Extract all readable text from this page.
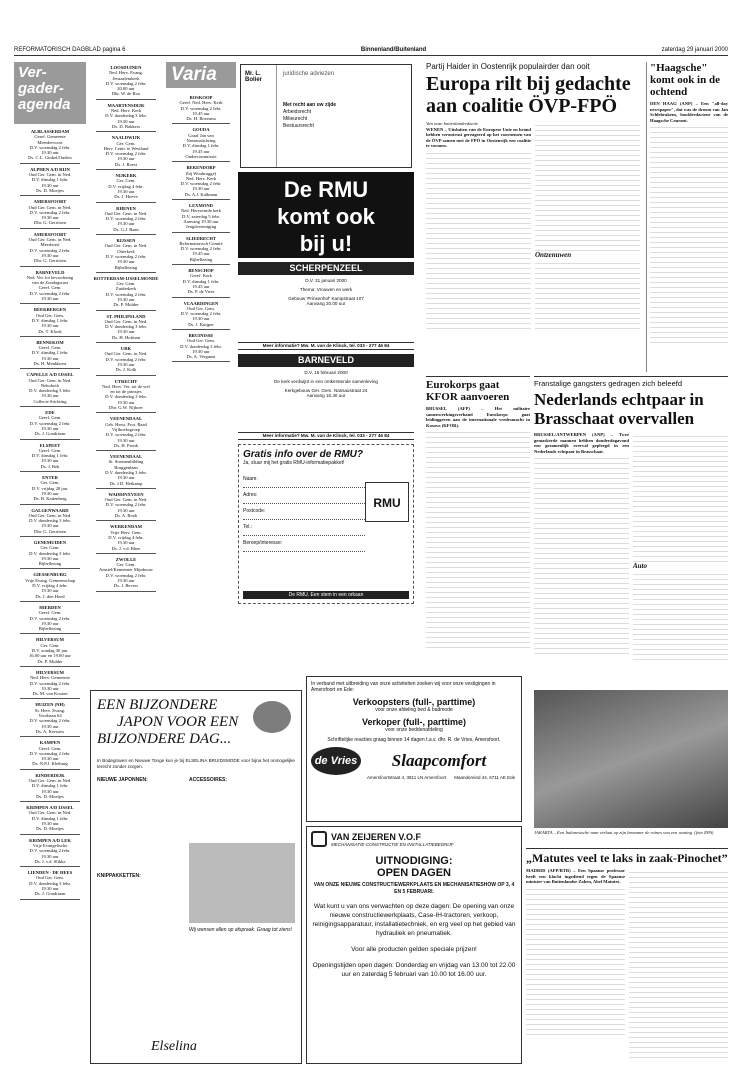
REFORMATORISCH DAGBLAD pagina 6	Binnenland/Buitenland	zaterdag 29 januari 2000
Ver-gader-agenda
ALBLASSERDAM
Geref. Gemeente
Meerdervoort
D.V. woensdag 2 febr.
19.30 uur
Ds. C.L. Ginkel/Ouders
ALPHEN A/D RIJN
Oud Ger. Gem. in Ned.
D.V. dinsdag 1 febr.
19.30 uur
Ds. D. Moeijes
AMERSFOORT
Oud Ger. Gem. in Ned.
D.V. woensdag 2 febr.
19.30 uur
Dhr. G. Gerritsen
AMERSFOORT
Oud Ger. Gem. in Ned.
Meerhorst
D.V. woensdag 2 febr.
19.30 uur
Dhr. G. Gerritsen
BARNEVELD
Ned. Ver. tot bevordering
van de Zondagsrust
Geref. Gem.
D.V. woensdag 2 febr.
19.30 uur
BEEKBERGEN
Oud Ger. Gem.
D.V. dinsdag 1 febr.
19.30 uur
Ds. T. Kloek
BENNEKOM
Geref. Gem.
D.V. dinsdag 1 febr.
19.30 uur
Ds. H. Menkhorst
CAPELLE A/D IJSSEL
Oud Ger. Gem. in Ned.
Rehoboth
D.V. donderdag 3 febr.
19.30 uur
Collecte Stichting
EDE
Geref. Gem.
D.V. woensdag 2 febr.
19.30 uur
Ds. J. Goudriaan
ELSPEET
Geref. Gem.
D.V. dinsdag 1 febr.
19.30 uur
Ds. J. Bek
ENTER
Ger. Gem.
D.V. vrijdag 28 jan.
19.30 uur
Ds. B. Kattenberg
GALGENWAARD
Oud Ger. Gem. in Ned.
D.V. donderdag 3 febr.
19.30 uur
Dhr. G. Gerritsen
GENEMUIDEN
Ger. Gem.
D.V. donderdag 3 febr.
19.30 uur
Bijbellezing
GIESSENBURG
Vrije Evang. Gemeenschap
D.V. vrijdag 4 febr.
19.30 uur
Ds. J. den Hoed
HIERDEN
Geref. Gem.
D.V. woensdag 2 febr.
19.30 uur
Bijbellezing
HILVERSUM
Ger. Gem.
D.V. zondag 30 jan.
16.00 uur en 19.00 uur
Ds. P. Mulder
HILVERSUM
Ned. Herv. Gemeente
D.V. woensdag 2 febr.
19.30 uur
Ds. M. van Kooten
HUIZEN (NH)
St. Herv. Evang.
Voorbaan 64
D.V. woensdag 2 febr.
19.30 uur
Ds. A. Kerssies
KAMPEN
Geref. Gem.
D.V. woensdag 2 febr.
19.30 uur
Ds. N.P.J. Kleiburg
KINDERDIJK
Oud Ger. Gem. in Ned.
D.V. dinsdag 1 febr.
19.30 uur
Ds. D. Moeijes
KRIMPEN A/D IJSSEL
Oud Ger. Gem. in Ned.
D.V. dinsdag 1 febr.
19.30 uur
Ds. D. Moeijes
KRIMPEN A/D LEK
Vrije Evangelische
D.V. woensdag 2 febr.
19.30 uur
Ds. J. v.d. Slikke
LIENDEN - DE HEES
Oud Ger. Gem.
D.V. donderdag 3 febr.
19.30 uur
Ds. J. Goudriaan
LOOSDUINEN
Ned. Herv. Evang.
Jeruzalemkerk
D.V. woensdag 2 febr.
20.00 uur
Dhr. W. de Roo
MAARTENSDIJK
Ned. Herv. Kerk
D.V. donderdag 3 febr.
19.30 uur
Ds. D. Bakkers
NAALDWIJK
Ger. Gem.
Herv. Centr. te Westland
D.V. woensdag 2 febr.
19.30 uur
Ds. J. Roest
NIJKERK
Ger. Gem.
D.V. vrijdag 4 febr.
19.30 uur
Ds. J. Hoeve
RHENEN
Oud Ger. Gem. in Ned.
D.V. woensdag 2 febr.
19.30 uur
Ds. G.J. Baan
RIJSSEN
Oud Ger. Gem. in Ned.
Otterkerk
D.V. woensdag 2 febr.
19.30 uur
Bijbellezing
ROTTERDAM-IJSSELMONDE
Ger. Gem.
Zuiderkerk
D.V. woensdag 2 febr.
19.30 uur
Ds. P. Mulder
ST. PHILIPSLAND
Oud Ger. Gem. in Ned.
D.V. donderdag 3 febr.
19.30 uur
Ds. H. Hofman
URK
Oud Ger. Gem. in Ned.
D.V. woensdag 2 febr.
19.30 uur
Ds. J. Kolk
UTRECHT
Ned. Herv. Ver. tot de wel
en tot de prinsjes
D.V. donderdag 3 febr.
19.30 uur
Dhr. G.W. Nijboer
VEENENDAAL
Geb. Herst. Prot. Raad
Vijfhoeksgroep
D.V. woensdag 2 febr.
19.30 uur
Ds. H. Pronk
VEENENDAAL
St. Stromenbilding
Bruggenlaan
D.V. donderdag 3 febr.
19.30 uur
Ds. J.D. Heikamp
WADDINXVEEN
Oud Ger. Gem. in Ned.
D.V. woensdag 2 febr.
19.30 uur
Ds. A. Rook
WERKENDAM
Vrije Herv. Gem.
D.V. vrijdag 4 febr.
19.30 uur
Ds. J. v.d. Rhee
ZWOLLE
Ger. Gem.
Amstel/Kennemer Mijnbouw
D.V. woensdag 2 febr.
19.30 uur
Ds. J. Bevers
Varia
BOSKOOP
Geref. Ned. Herv. Kerk
D.V. woensdag 2 febr.
19.45 uur
Ds. H. Boersma
GOUDA
Graaf Jan van
Nassaustichting
D.V. dinsdag 1 febr.
19.45 uur
Oudercommissie
BEKENDORP
(bij Woubrugge)
Ned. Herv. Kerk
D.V. woensdag 2 febr.
19.30 uur
Ds. A.J. Kalkman
LEXMOND
Ned. Hervormde kerk
D.V. zaterdag 5 febr.
Aanvang 19.30 uur
Jeugdvereniging
SLIEDRECHT
Reformatorisch Comité
D.V. woensdag 2 febr.
19.45 uur
Bijbellezing
BENSCHOP
Geref. Kerk
D.V. dinsdag 1 febr.
19.45 uur
Ds. P. de Vries
VLAARDINGEN
Oud Ger. Gem.
D.V. woensdag 2 febr.
19.30 uur
Ds. J. Kuijper
BRUINISSE
Oud Ger. Gem.
D.V. donderdag 3 febr.
19.30 uur
Ds. A. Vergunst
Mr. L. Bolier
juridische adviezen
Met recht aan uw zijde
Arbeidsrecht
Milieurecht
Bestuursrecht
De RMU
komt ook
bij u!
SCHERPENZEEL
D.V. 31 januari 2000
Thema: Vrouwen en werk
Gebouw 'Prinsenhof' Kampstraat 107
Aanvang 20.00 uur
Meer informatie? Mw. M. van de Klinck, tel. 033 - 277 46 84
BARNEVELD
D.V. 16 februari 2000
De kerk verdwijnt in een ontkerstende samenleving
Kerkgebouw Ger. Gem. Nassaustraat 24
Aanvang 16.30 uur
Meer informatie? Mw. M. van de Klinck, tel. 033 - 277 46 84
Gratis info over de RMU?
Ja, stuur mij het gratis RMU-informatiepakket!
Naam:
Adres:
Postcode:
Tel.:
Beroep/interesse:
RMU
De RMU. Een stem in een orkaan
EEN BIJZONDERE
JAPON VOOR EEN
BIJZONDERE DAG...
In Bodegraven en Nieuwe Tonge kun je bij ELSELINA BRUIDSMODE voor bijna het onmogelijke terecht zonder zorgen.
NIEUWE JAPONNEN:
KNIPPAKKETTEN:
ACCESSOIRES:
Wij wensen allen op afspraak. Graag tot ziens!
Elselina
In verband met uitbreiding van onze activiteiten zoeken wij voor onze vestigingen in Amersfoort en Ede:
Verkoopsters (full-, parttime)
voor onze afdeling bed & badmode
Verkoper (full-, parttime)
voor onze beddenafdeling
Schriftelijke reacties graag binnen 14 dagen t.a.v. dhr. R. de Vries, Amersfoort.
de Vries	Slaapcomfort
Amersfoortstraat 4, 3811 LN Amersfoort Maandereind 44, 6711 AE Ede
VAN ZEIJEREN V.O.F
MECHANISATIE-CONSTRUCTIE EN INSTALLATIEBEDRIJF
UITNODIGING:
OPEN DAGEN
VAN ONZE NIEUWE CONSTRUCTIEWERKPLAATS EN MECHANISATIESHOW OP 3, 4 EN 5 FEBRUARI.
Wat kunt u van ons verwachten op deze dagen: De opening van onze nieuwe constructiewerkplaats, Case-IH-tractoren, verkoop, reinigingsapparatuur, installatietechniek, en erg veel op het gebied van hydrauliek en pneumatiek.
Voor alle producten gelden speciale prijzen!
Openingstijden open dagen: Donderdag en vrijdag van 13.00 tot 22.00 uur en zaterdag 5 februari van 10.00 tot 16.00 uur.
Partij Haider in Oostenrijk populairder dan ooit
Europa rilt bij gedachte aan coalitie ÖVP-FPÖ
Van onze buitenlandredactie
WENEN – Uitsluiten van de Europese Unie en brand hebben verontrust gereageerd op het voornemen van de ÖVP samen met de FPÖ in Oostenrijk een coalitie te vormen.
Ontzenuwen
"Haagsche" komt ook in de ochtend
DEN HAAG (ANP) – Een "all-day newspaper", dat was de droom van Jan Schlebrakens, hoofdredacteur van de Haagsche Courant.
Eurokorps gaat KFOR aanvoeren
BRUSSEL (AFP) – Het militaire samenwerkingsverband Eurokorps gaat leidinggeven aan de internationale vredesmacht in Kosovo (KFOR).
Franstalige gangsters gedragen zich beleefd
Nederlands echtpaar in Brasschaat overvallen
BRUSSEL/ANTWERPEN (ANP) – Twee gemaskerde mannen hebben donderdagavond een gezamenlijk overval gepleegd in een Nederlands echtpaar in Brasschaat.
Auto
JAKARTA – Een Indonesische man verlaat op zijn brommer de ruïnes van een woning. (foto EPA)
„Matutes veel te laks in zaak-Pinochet”
MADRID (AFP/RTR) – Een Spaanse professor heeft een klacht ingediend tegen de Spaanse minister van Buitenlandse Zaken, Abel Matutes.
